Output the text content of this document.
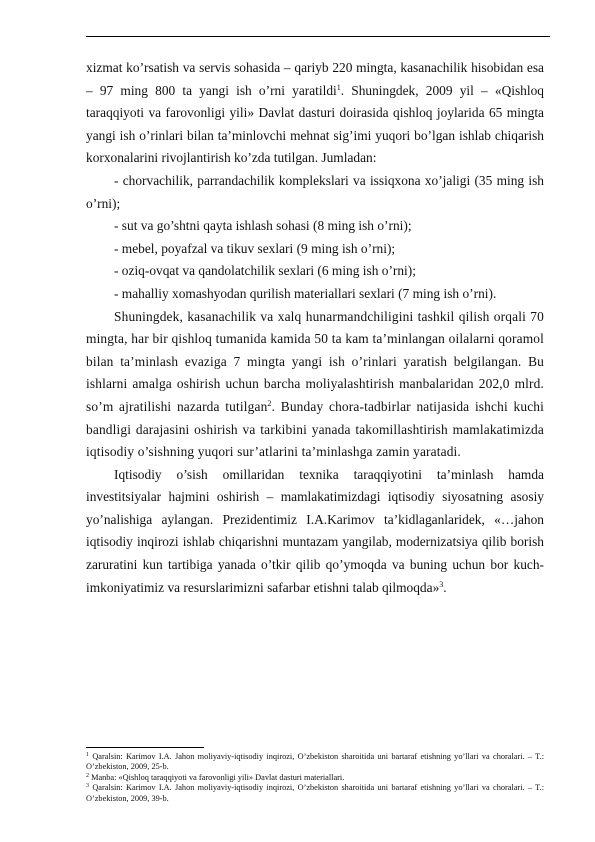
xizmat ko’rsatish va servis sohasida – qariyb 220 mingta, kasanachilik hisobidan esa – 97 ming 800 ta yangi ish o’rni yaratildi$^1$. Shuningdek, 2009 yil – «Qishloq taraqqiyoti va farovonligi yili» Davlat dasturi doirasida qishloq joylarida 65 mingta yangi ish o’rinlari bilan ta’minlovchi mehnat sig’imi yuqori bo’lgan ishlab chiqarish korxonalarini rivojlantirish ko’zda tutilgan. Jumladan:

- chorvachilik, parrandachilik komplekslari va issiqxona xo’jaligi (35 ming ish o’rni);

- sut va go’shtni qayta ishlash sohasi (8 ming ish o’rni);

- mebel, poyafzal va tikuv sexlari (9 ming ish o’rni);

- oziq-ovqat va qandolatchilik sexlari (6 ming ish o’rni);

- mahalliy xomashyodan qurilish materiallari sexlari (7 ming ish o’rni).

Shuningdek, kasanachilik va xalq hunarmandchiligini tashkil qilish orqali 70 mingta, har bir qishloq tumanida kamida 50 ta kam ta’minlangan oilalarni qoramol bilan ta’minlash evaziga 7 mingta yangi ish o’rinlari yaratish belgilangan. Bu ishlarni amalga oshirish uchun barcha moliyalashtirish manbalaridan 202,0 mlrd. so’m ajratilishi nazarda tutilgan$^2$. Bunday chora-tadbirlar natijasida ishchi kuchi bandligi darajasini oshirish va tarkibini yanada takomillashtirish mamlakatimizda iqtisodiy o’sishning yuqori sur’atlarini ta’minlashga zamin yaratadi.

Iqtisodiy o’sish omillaridan texnika taraqqiyotini ta’minlash hamda investitsiyalar hajmini oshirish – mamlakatimizdagi iqtisodiy siyosatning asosiy yo’nalishiga aylangan. Prezidentimiz I.A.Karimov ta’kidlaganlaridek, «…jahon iqtisodiy inqirozi ishlab chiqarishni muntazam yangilab, modernizatsiya qilib borish zaruratini kun tartibiga yanada o’tkir qilib qo’ymoqda va buning uchun bor kuch-imkoniyatimiz va resurslarimizni safarbar etishni talab qilmoqda»$^3$.

$^1$ Qaralsin: Karimov I.A. Jahon moliyaviy-iqtisodiy inqirozi, O’zbekiston sharoitida uni bartaraf etishning yo’llari va choralari. – T.: O’zbekiston, 2009, 25-b.

$^2$ Manba: «Qishloq taraqqiyoti va farovonligi yili» Davlat dasturi materiallari.

$^3$ Qaralsin: Karimov I.A. Jahon moliyaviy-iqtisodiy inqirozi, O’zbekiston sharoitida uni bartaraf etishning yo’llari va choralari. – T.: O’zbekiston, 2009, 39-b.
